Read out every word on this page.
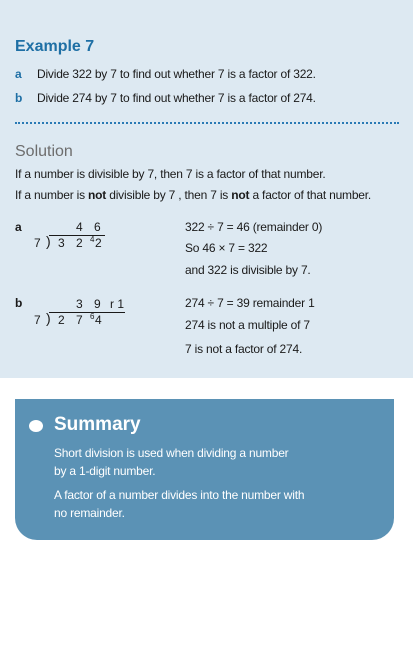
Example 7
a Divide 322 by 7 to find out whether 7 is a factor of 322.
b Divide 274 by 7 to find out whether 7 is a factor of 274.
Solution
If a number is divisible by 7, then 7 is a factor of that number.
If a number is not divisible by 7 , then 7 is not a factor of that number.
a	4 6
7 ) 3 2 4 2
322 ÷ 7 = 46 (remainder 0)
So 46 × 7 = 322
and 322 is divisible by 7.
b	3 9 r 1
7 ) 2 7 6 4
274 ÷ 7 = 39 remainder 1
274 is not a multiple of 7
7 is not a factor of 274.
Summary
Short division is used when dividing a number
by a 1-digit number.
A factor of a number divides into the number with
no remainder.
